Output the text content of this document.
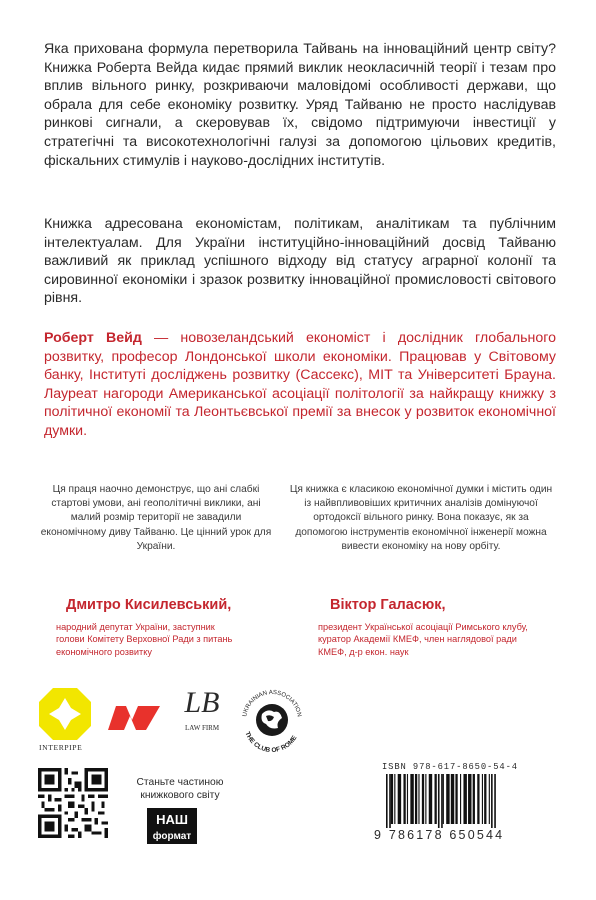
Яка прихована формула перетворила Тайвань на інноваційний центр світу? Книжка Роберта Вейда кидає прямий виклик неокласичній теорії і тезам про вплив вільного ринку, розкриваючи маловідомі особливості держави, що обрала для себе економіку розвитку. Уряд Тайваню не просто наслідував ринкові сигнали, а скеровував їх, свідомо підтримуючи інвестиції у стратегічні та високотехнологічні галузі за допомогою цільових кредитів, фіскальних стимулів і науково-дослідних інститутів.

Книжка адресована економістам, політикам, аналітикам та публічним інтелектуалам. Для України інституційно-інноваційний досвід Тайваню важливий як приклад успішного відходу від статусу аграрної колонії та сировинної економіки і зразок розвитку інноваційної промисловості світового рівня.

Роберт Вейд — новозеландський економіст і дослідник глобального розвитку, професор Лондонської школи економіки. Працював у Світовому банку, Інституті досліджень розвитку (Сассекс), MIT та Університеті Брауна. Лауреат нагороди Американської асоціації політології за найкращу книжку з політичної економії та Леонтьєвської премії за внесок у розвиток економічної думки.

Ця праця наочно демонструє, що ані слабкі стартові умови, ані геополітичні виклики, ані малий розмір території не завадили економічному диву Тайваню. Це цінний урок для України.

Ця книжка є класикою економічної думки і містить один із найвпливовіших критичних аналізів домінуючої ортодоксії вільного ринку. Вона показує, як за допомогою інструментів економічної інженерії можна вивести економіку на нову орбіту.

Дмитро Кисилевський,	Віктор Галасюк,
народний депутат України, заступник голови Комітету Верховної Ради з питань економічного розвитку
президент Української асоціації Римського клубу, куратор Академії КМЕФ, член наглядової ради КМЕФ, д-р екон. наук
INTERPIPE
LB
LAW FIRM
UKRAINIAN ASSOCIATION
THE CLUB OF ROME

Станьте частиною книжкового світу

НАШ
формат
ISBN 978-617-8650-54-4
9 786178 650544
